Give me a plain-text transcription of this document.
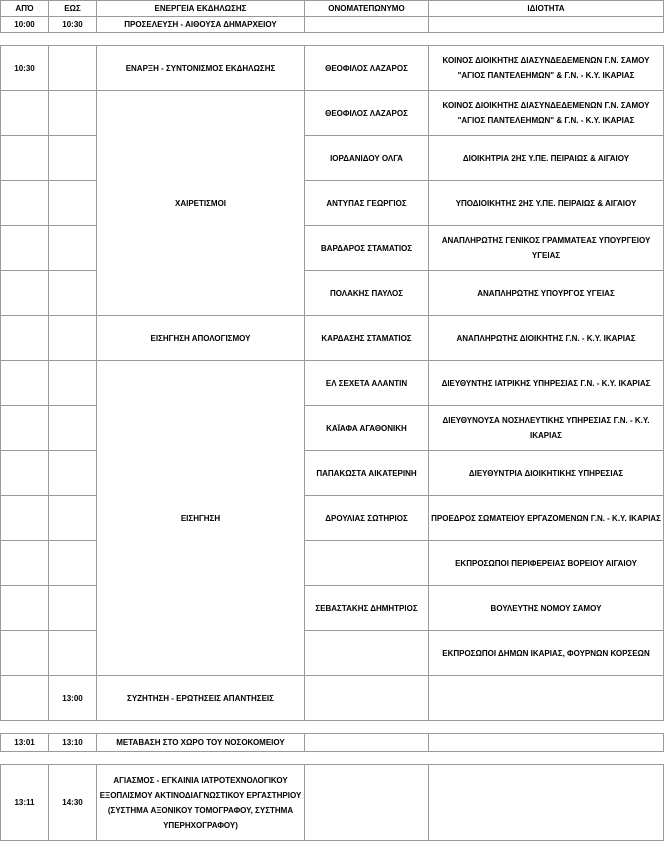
ΑΠΌ	ΕΩΣ	ΕΝΕΡΓΕΙΑ ΕΚΔΗΛΩΣΗΣ	ΟΝΟΜΑΤΕΠΩΝΥΜΟ	ΙΔΙΟΤΗΤΑ
10:00	10:30	ΠΡΟΣΕΛΕΥΣΗ - ΑΙΘΟΥΣΑ ΔΗΜΑΡΧΕΙΟΥ		

10:30		ΕΝΑΡΞΗ - ΣΥΝΤΟΝΙΣΜΟΣ ΕΚΔΗΛΩΣΗΣ	ΘΕΟΦΙΛΟΣ ΛΑΖΑΡΟΣ	ΚΟΙΝΟΣ ΔΙΟΙΚΗΤΗΣ ΔΙΑΣΥΝΔΕΔΕΜΕΝΩΝ Γ.Ν. ΣΑΜΟΥ "ΑΓΙΟΣ ΠΑΝΤΕΛΕΗΜΩΝ" & Γ.Ν. - Κ.Υ. ΙΚΑΡΙΑΣ
		ΧΑΙΡΕΤΙΣΜΟΙ	ΘΕΟΦΙΛΟΣ ΛΑΖΑΡΟΣ	ΚΟΙΝΟΣ ΔΙΟΙΚΗΤΗΣ ΔΙΑΣΥΝΔΕΔΕΜΕΝΩΝ Γ.Ν. ΣΑΜΟΥ "ΑΓΙΟΣ ΠΑΝΤΕΛΕΗΜΩΝ" & Γ.Ν. - Κ.Υ. ΙΚΑΡΙΑΣ
			ΙΟΡΔΑΝΙΔΟΥ ΟΛΓΑ	ΔΙΟΙΚΗΤΡΙΑ 2ΗΣ Υ.ΠΕ. ΠΕΙΡΑΙΩΣ & ΑΙΓΑΙΟΥ
			ΑΝΤΥΠΑΣ ΓΕΩΡΓΙΟΣ	ΥΠΟΔΙΟΙΚΗΤΗΣ 2ΗΣ Υ.ΠΕ. ΠΕΙΡΑΙΩΣ & ΑΙΓΑΙΟΥ
			ΒΑΡΔΑΡΟΣ ΣΤΑΜΑΤΙΟΣ	ΑΝΑΠΛΗΡΩΤΗΣ ΓΕΝΙΚΟΣ ΓΡΑΜΜΑΤΕΑΣ ΥΠΟΥΡΓΕΙΟΥ ΥΓΕΙΑΣ
			ΠΟΛΑΚΗΣ ΠΑΥΛΟΣ	ΑΝΑΠΛΗΡΩΤΗΣ ΥΠΟΥΡΓΟΣ ΥΓΕΙΑΣ
		ΕΙΣΗΓΗΣΗ ΑΠΟΛΟΓΙΣΜΟΥ	ΚΑΡΔΑΣΗΣ ΣΤΑΜΑΤΙΟΣ	ΑΝΑΠΛΗΡΩΤΗΣ ΔΙΟΙΚΗΤΗΣ Γ.Ν. - Κ.Υ. ΙΚΑΡΙΑΣ
		ΕΙΣΗΓΗΣΗ	ΕΛ ΣΕΧΕΤΑ ΑΛΑΝΤΙΝ	ΔΙΕΥΘΥΝΤΗΣ ΙΑΤΡΙΚΗΣ ΥΠΗΡΕΣΙΑΣ Γ.Ν. - Κ.Υ. ΙΚΑΡΙΑΣ
			ΚΑΪΑΦΑ ΑΓΑΘΟΝΙΚΗ	ΔΙΕΥΘΥΝΟΥΣΑ ΝΟΣΗΛΕΥΤΙΚΗΣ ΥΠΗΡΕΣΙΑΣ Γ.Ν. - Κ.Υ. ΙΚΑΡΙΑΣ
			ΠΑΠΑΚΩΣΤΑ ΑΙΚΑΤΕΡΙΝΗ	ΔΙΕΥΘΥΝΤΡΙΑ ΔΙΟΙΚΗΤΙΚΗΣ ΥΠΗΡΕΣΙΑΣ
			ΔΡΟΥΛΙΑΣ ΣΩΤΗΡΙΟΣ	ΠΡΟΕΔΡΟΣ ΣΩΜΑΤΕΙΟΥ ΕΡΓΑΖΟΜΕΝΩΝ Γ.Ν. - Κ.Υ. ΙΚΑΡΙΑΣ
				ΕΚΠΡΟΣΩΠΟΙ ΠΕΡΙΦΕΡΕΙΑΣ ΒΟΡΕΙΟΥ ΑΙΓΑΙΟΥ
			ΣΕΒΑΣΤΑΚΗΣ ΔΗΜΗΤΡΙΟΣ	ΒΟΥΛΕΥΤΗΣ ΝΟΜΟΥ ΣΑΜΟΥ
				ΕΚΠΡΟΣΩΠΟΙ ΔΗΜΩΝ ΙΚΑΡΙΑΣ, ΦΟΥΡΝΩΝ ΚΟΡΣΕΩΝ
	13:00	ΣΥΖΗΤΗΣΗ - ΕΡΩΤΗΣΕΙΣ ΑΠΑΝΤΗΣΕΙΣ		

13:01	13:10	ΜΕΤΑΒΑΣΗ ΣΤΟ ΧΩΡΟ ΤΟΥ ΝΟΣΟΚΟΜΕΙΟΥ		

13:11	14:30	ΑΓΙΑΣΜΟΣ - ΕΓΚΑΙΝΙΑ ΙΑΤΡΟΤΕΧΝΟΛΟΓΙΚΟΥ ΕΞΟΠΛΙΣΜΟΥ ΑΚΤΙΝΟΔΙΑΓΝΩΣΤΙΚΟΥ ΕΡΓΑΣΤΗΡΙΟΥ (ΣΥΣΤΗΜΑ ΑΞΟΝΙΚΟΥ ΤΟΜΟΓΡΑΦΟΥ, ΣΥΣΤΗΜΑ ΥΠΕΡΗΧΟΓΡΑΦΟΥ)		
